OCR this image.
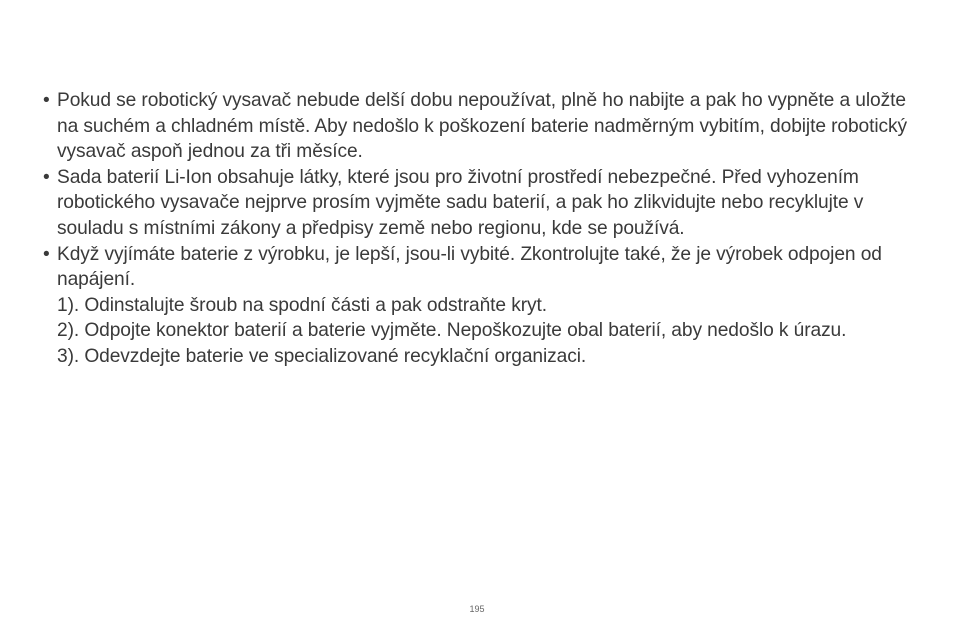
• Pokud se robotický vysavač nebude delší dobu nepoužívat, plně ho nabijte a pak ho vypněte a uložte na suchém a chladném místě. Aby nedošlo k poškození baterie nadměrným vybitím, dobijte robotický vysavač aspoň jednou za tři měsíce.
• Sada baterií Li-Ion obsahuje látky, které jsou pro životní prostředí nebezpečné. Před vyhozením robotického vysavače nejprve prosím vyjměte sadu baterií, a pak ho zlikvidujte nebo recyklujte v souladu s místními zákony a předpisy země nebo regionu, kde se používá.
• Když vyjímáte baterie z výrobku, je lepší, jsou-li vybité. Zkontrolujte také, že je výrobek odpojen od napájení.
1). Odinstalujte šroub na spodní části a pak odstraňte kryt.
2). Odpojte konektor baterií a baterie vyjměte. Nepoškozujte obal baterií, aby nedošlo k úrazu.
3). Odevzdejte baterie ve specializované recyklační organizaci.
195
